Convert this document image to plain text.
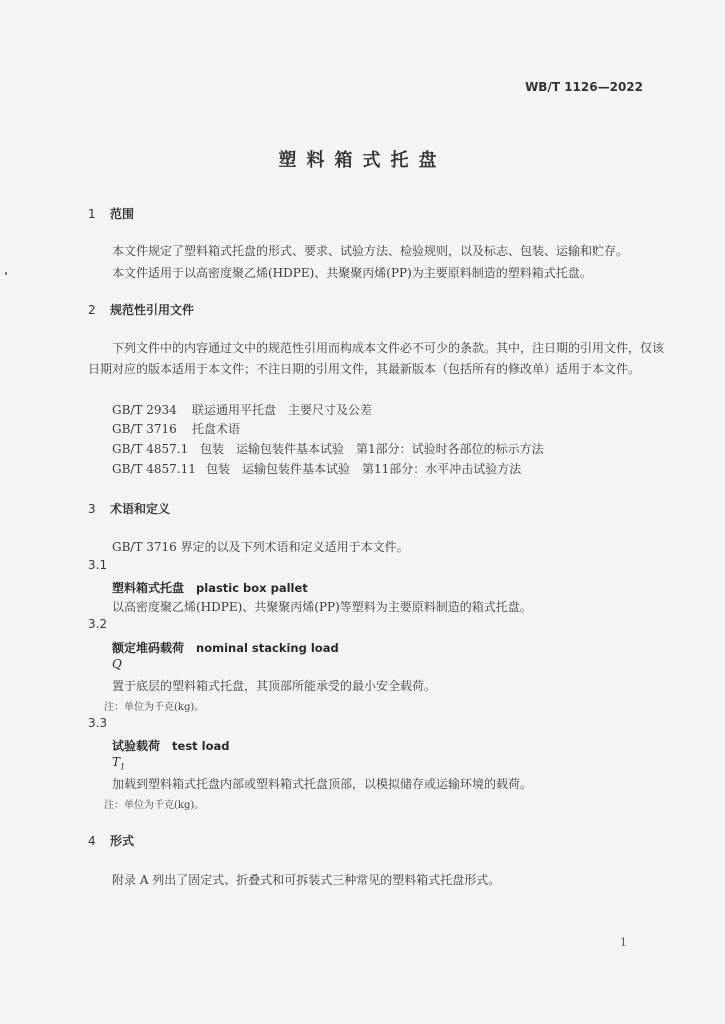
WB/T 1126—2022
塑料箱式托盘
1 范围
本文件规定了塑料箱式托盘的形式、要求、试验方法、检验规则，以及标志、包装、运输和贮存。
本文件适用于以高密度聚乙烯(HDPE)、共聚聚丙烯(PP)为主要原料制造的塑料箱式托盘。
2 规范性引用文件
下列文件中的内容通过文中的规范性引用而构成本文件必不可少的条款。其中，注日期的引用文件，仅该日期对应的版本适用于本文件；不注日期的引用文件，其最新版本（包括所有的修改单）适用于本文件。
GB/T 2934 联运通用平托盘　主要尺寸及公差
GB/T 3716 托盘术语
GB/T 4857.1 包装　运输包装件基本试验　第1部分：试验时各部位的标示方法
GB/T 4857.11 包装　运输包装件基本试验　第11部分：水平冲击试验方法
3 术语和定义
GB/T 3716 界定的以及下列术语和定义适用于本文件。
3.1
塑料箱式托盘 plastic box pallet
以高密度聚乙烯(HDPE)、共聚聚丙烯(PP)等塑料为主要原料制造的箱式托盘。
3.2
额定堆码载荷 nominal stacking load
Q
置于底层的塑料箱式托盘，其顶部所能承受的最小安全载荷。
注：单位为千克(kg)。
3.3
试验载荷 test load
$T_1$
加载到塑料箱式托盘内部或塑料箱式托盘顶部，以模拟储存或运输环境的载荷。
注：单位为千克(kg)。
4 形式
附录 A 列出了固定式、折叠式和可拆装式三种常见的塑料箱式托盘形式。
1
